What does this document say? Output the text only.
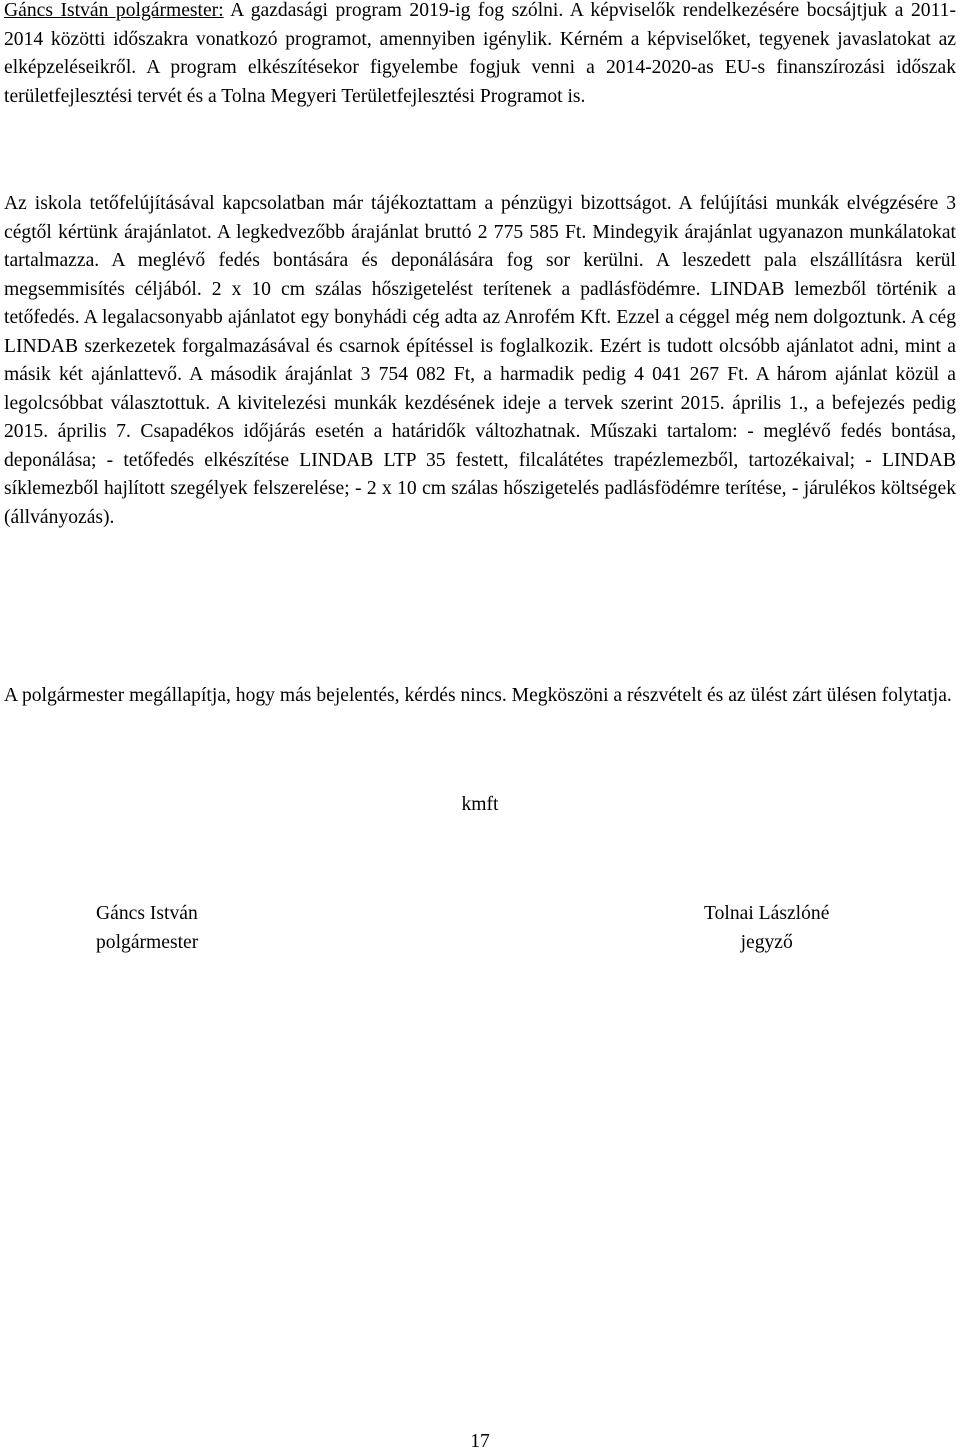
Gáncs István polgármester: A gazdasági program 2019-ig fog szólni. A képviselők rendelkezésére bocsájtjuk a 2011-2014 közötti időszakra vonatkozó programot, amennyiben igénylik. Kérném a képviselőket, tegyenek javaslatokat az elképzeléseikről. A program elkészítésekor figyelembe fogjuk venni a 2014-2020-as EU-s finanszírozási időszak területfejlesztési tervét és a Tolna Megyeri Területfejlesztési Programot is.

Az iskola tetőfelújításával kapcsolatban már tájékoztattam a pénzügyi bizottságot. A felújítási munkák elvégzésére 3 cégtől kértünk árajánlatot. A legkedvezőbb árajánlat bruttó 2 775 585 Ft. Mindegyik árajánlat ugyanazon munkálatokat tartalmazza. A meglévő fedés bontására és deponálására fog sor kerülni. A leszedett pala elszállításra kerül megsemmisítés céljából. 2 x 10 cm szálas hőszigetelést terítenek a padlásfödémre. LINDAB lemezből történik a tetőfedés. A legalacsonyabb ajánlatot egy bonyhádi cég adta az Anrofém Kft. Ezzel a céggel még nem dolgoztunk. A cég LINDAB szerkezetek forgalmazásával és csarnok építéssel is foglalkozik. Ezért is tudott olcsóbb ajánlatot adni, mint a másik két ajánlattevő. A második árajánlat 3 754 082 Ft, a harmadik pedig 4 041 267 Ft. A három ajánlat közül a legolcsóbbat választottuk. A kivitelezési munkák kezdésének ideje a tervek szerint 2015. április 1., a befejezés pedig 2015. április 7. Csapadékos időjárás esetén a határidők változhatnak. Műszaki tartalom: - meglévő fedés bontása, deponálása; - tetőfedés elkészítése LINDAB LTP 35 festett, filcalátétes trapézlemezből, tartozékaival; - LINDAB síklemezből hajlított szegélyek felszerelése; - 2 x 10 cm szálas hőszigetelés padlásfödémre terítése, - járulékos költségek (állványozás).

A polgármester megállapítja, hogy más bejelentés, kérdés nincs. Megköszöni a részvételt és az ülést zárt ülésen folytatja.

kmft
Gáncs István
polgármester
Tolnai Lászlóné
jegyző
17
